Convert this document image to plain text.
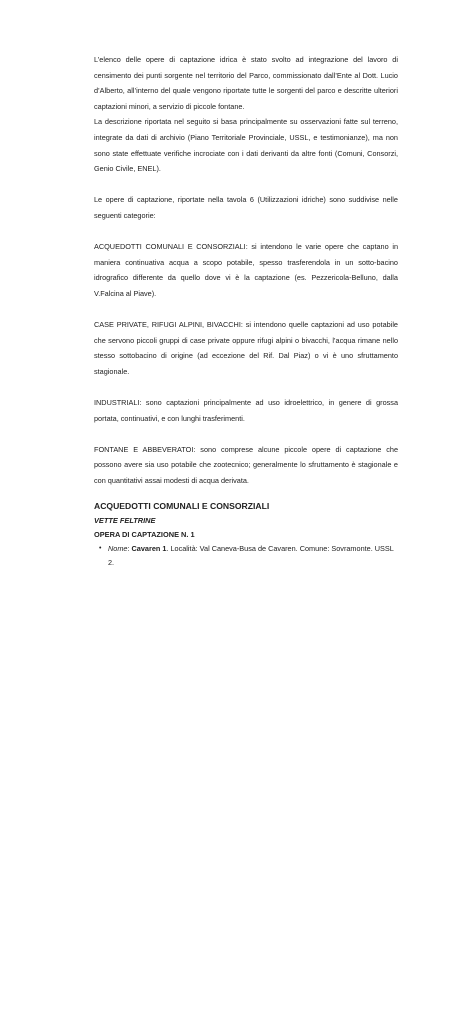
L’elenco delle opere di captazione idrica è stato svolto ad integrazione del lavoro di censimento dei punti sorgente nel territorio del Parco, commissionato dall’Ente al Dott. Lucio d’Alberto, all’interno del quale vengono riportate tutte le sorgenti del parco e descritte ulteriori captazioni minori, a servizio di piccole fontane.

La descrizione riportata nel seguito si basa principalmente su osservazioni fatte sul terreno, integrate da dati di archivio (Piano Territoriale Provinciale, USSL, e testimonianze), ma non sono state effettuate verifiche incrociate con i dati derivanti da altre fonti (Comuni, Consorzi, Genio Civile, ENEL).

Le opere di captazione, riportate nella tavola 6 (Utilizzazioni idriche) sono suddivise nelle seguenti categorie:

ACQUEDOTTI COMUNALI E CONSORZIALI: si intendono le varie opere che captano in maniera continuativa acqua a scopo potabile, spesso trasferendola in un sotto-bacino idrografico differente da quello dove vi è la captazione (es. Pezzericola-Belluno, dalla V.Falcina al Piave).

CASE PRIVATE, RIFUGI ALPINI, BIVACCHI: si intendono quelle captazioni ad uso potabile che servono piccoli gruppi di case private oppure rifugi alpini o bivacchi, l’acqua rimane nello stesso sottobacino di origine (ad eccezione del Rif. Dal Piaz) o vi è uno sfruttamento stagionale.

INDUSTRIALI: sono captazioni principalmente ad uso idroelettrico, in genere di grossa portata, continuativi, e con lunghi trasferimenti.

FONTANE E ABBEVERATOI: sono comprese alcune piccole opere di captazione che possono avere sia uso potabile che zootecnico; generalmente lo sfruttamento è stagionale e con quantitativi assai modesti di acqua derivata.

ACQUEDOTTI COMUNALI E CONSORZIALI
VETTE FELTRINE
OPERA DI CAPTAZIONE N. 1
• Nome: Cavaren 1. Località: Val Caneva-Busa de Cavaren. Comune: Sovramonte. USSL 2.
